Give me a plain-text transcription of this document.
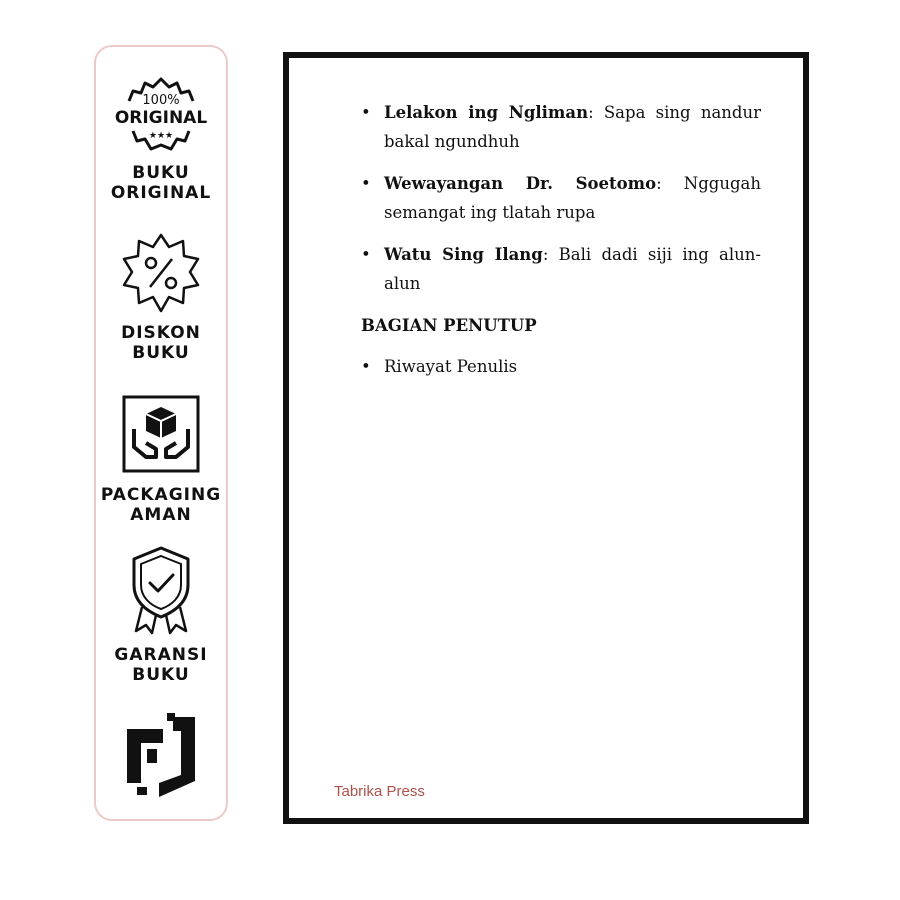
100%
ORIGINAL
★★★
BUKU
ORIGINAL
DISKON
BUKU
PACKAGING
AMAN
GARANSI
BUKU
• Lelakon ing Ngliman: Sapa sing nandur bakal ngundhuh
• Wewayangan Dr. Soetomo: Nggugah semangat ing tlatah rupa
• Watu Sing Ilang: Bali dadi siji ing alun-alun
BAGIAN PENUTUP
• Riwayat Penulis
Tabrika Press
